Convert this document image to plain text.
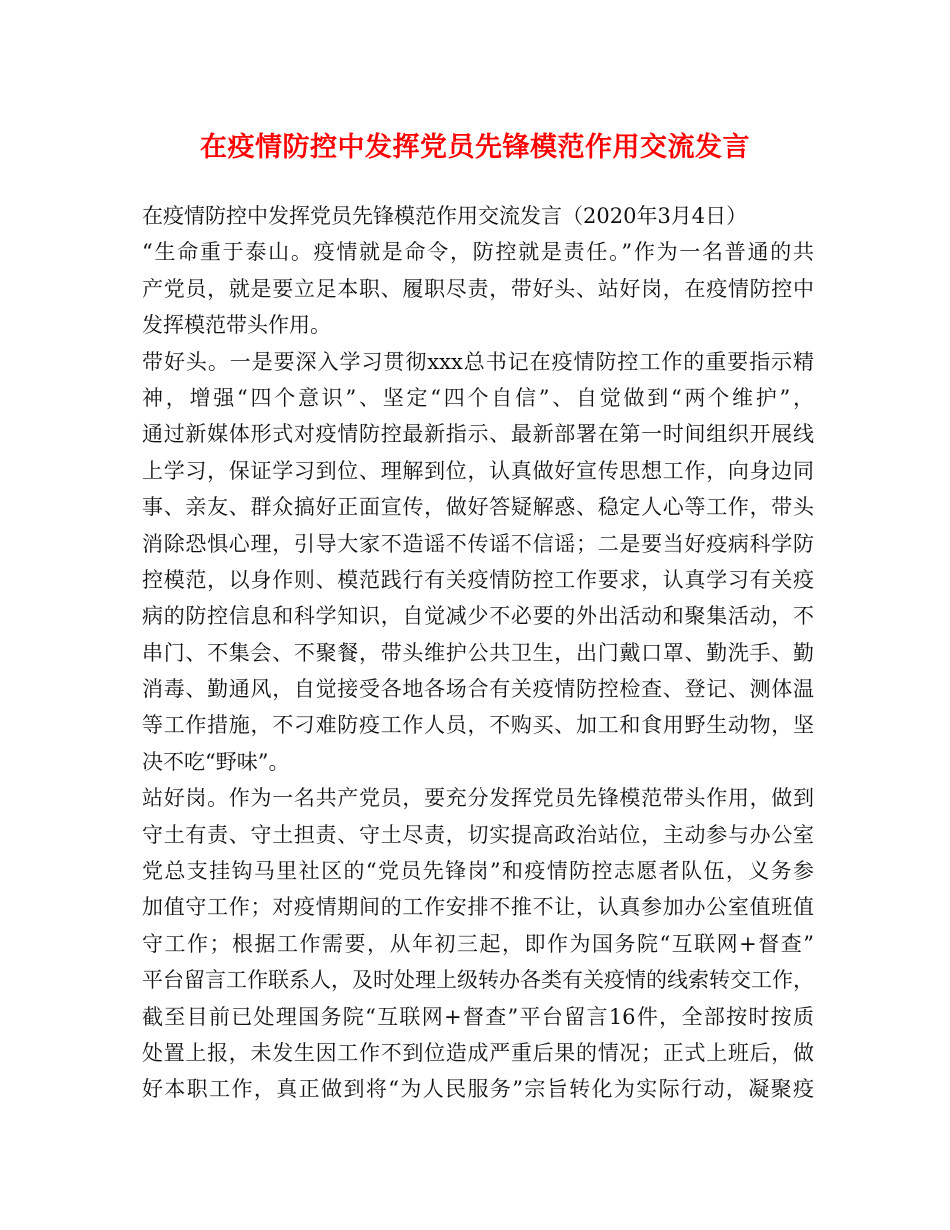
在疫情防控中发挥党员先锋模范作用交流发言
在疫情防控中发挥党员先锋模范作用交流发言（2020年3月4日）
“生命重于泰山。疫情就是命令，防控就是责任。”作为一名普通的共
产党员，就是要立足本职、履职尽责，带好头、站好岗，在疫情防控中
发挥模范带头作用。
带好头。一是要深入学习贯彻xxx总书记在疫情防控工作的重要指示精
神，增强“四个意识”、坚定“四个自信”、自觉做到“两个维护”，
通过新媒体形式对疫情防控最新指示、最新部署在第一时间组织开展线
上学习，保证学习到位、理解到位，认真做好宣传思想工作，向身边同
事、亲友、群众搞好正面宣传，做好答疑解惑、稳定人心等工作，带头
消除恐惧心理，引导大家不造谣不传谣不信谣；二是要当好疫病科学防
控模范，以身作则、模范践行有关疫情防控工作要求，认真学习有关疫
病的防控信息和科学知识，自觉减少不必要的外出活动和聚集活动，不
串门、不集会、不聚餐，带头维护公共卫生，出门戴口罩、勤洗手、勤
消毒、勤通风，自觉接受各地各场合有关疫情防控检查、登记、测体温
等工作措施，不刁难防疫工作人员，不购买、加工和食用野生动物，坚
决不吃“野味”。
站好岗。作为一名共产党员，要充分发挥党员先锋模范带头作用，做到
守土有责、守土担责、守土尽责，切实提高政治站位，主动参与办公室
党总支挂钩马里社区的“党员先锋岗”和疫情防控志愿者队伍，义务参
加值守工作；对疫情期间的工作安排不推不让，认真参加办公室值班值
守工作；根据工作需要，从年初三起，即作为国务院“互联网+督查”
平台留言工作联系人，及时处理上级转办各类有关疫情的线索转交工作，
截至目前已处理国务院“互联网+督查”平台留言16件，全部按时按质
处置上报，未发生因工作不到位造成严重后果的情况；正式上班后，做
好本职工作，真正做到将“为人民服务”宗旨转化为实际行动，凝聚疫
